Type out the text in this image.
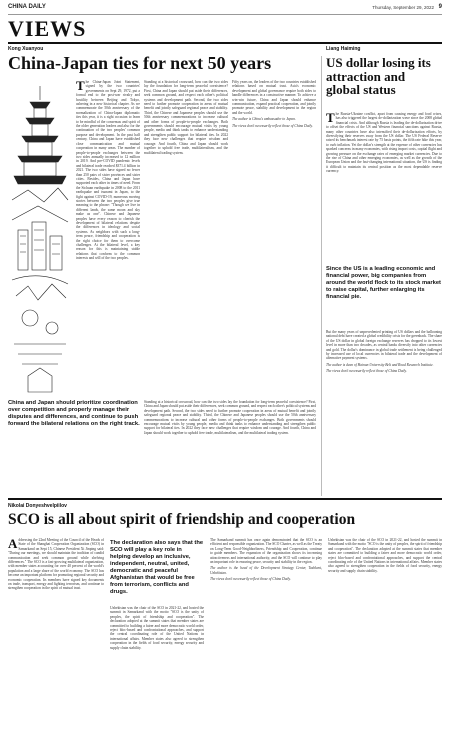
CHINA DAILY	Thursday, September 29, 2022 9
VIEWS
Kong Xuanyou
China-Japan ties for next 50 years
The China-Japan Joint Statement, signed by the two countries' governments on Sept 29, 1972, put a formal end to the post-war rivalry and hostility between Beijing and Tokyo, ushering in a new historical chapter. As we commemorate the 50th anniversary of the normalization of China-Japan diplomatic ties this year, it is a right occasion to learn to be mindful of the consensus and spirit of the older generation leaders and also for the continuation of the two peoples' common purpose and development. In the past half century, China and Japan have established close communication and mutual cooperation in many areas. The number of people-to-people exchanges between the two sides annually increased to 12 million in 2019. And pre-COVID pandemic levels and bilateral trade reached $371.4 billion in 2021. The two sides have signed no fewer than 250 pairs of sister provinces and sister cities. Besides, China and Japan have supported each other in times of need. From the Sichuan earthquake in 2008 to the 2011 earthquake and tsunami in Japan, to the fight against COVID-19, numerous moving stories between the two peoples give true meaning to the phrase: "Though we live in different lands, the same moon and sky make us one". Chinese and Japanese peoples have every reason to cherish the development of bilateral relations despite the differences in ideology and social systems. As neighbors with such a long-term peace, friendship and cooperation is the right choice for them to overcome challenges. At the bilateral level, a key reason for this is maintaining stable relations that conform to the common interests and will of the two peoples.
Standing at a historical crossroad, how can the two sides lay the foundation for long-term peaceful coexistence? First, China and Japan should put aside their differences, seek common ground, and respect each other's political systems and development path. Second, the two sides need to further promote cooperation in areas of mutual benefit and jointly safeguard regional peace and stability. Third, the Chinese and Japanese peoples should use the 50th anniversary commemorations to increase cultural and other forms of people-to-people exchanges. Both governments should encourage mutual visits by young people, media and think tanks to enhance understanding and strengthen public support for bilateral ties. In 2022 they face new challenges that require wisdom and courage. And fourth, China and Japan should work together to uphold free trade, multilateralism, and the multilateral trading system.
Fifty years on, the leaders of the two countries established relations based on mutual trust. Asia's economic development and global governance require both sides to handle differences in a constructive manner. To achieve a win-win future, China and Japan should enhance communication, expand practical cooperation, and jointly promote peace, stability and development in the region and the world.
The author is China's ambassador to Japan.
The views don't necessarily reflect those of China Daily.
China and Japan should prioritize coordination over competition and properly manage their disputes and differences, and continue to push forward the bilateral relations on the right track.
Standing at a historical crossroad, how can the two sides lay the foundation for long-term peaceful coexistence? First, China and Japan should put aside their differences, seek common ground, and respect each other's political systems and development path. Second, the two sides need to further promote cooperation in areas of mutual benefit and jointly safeguard regional peace and stability. Third, the Chinese and Japanese peoples should use the 50th anniversary commemorations to increase cultural and other forms of people-to-people exchanges. Both governments should encourage mutual visits by young people, media and think tanks to enhance understanding and strengthen public support for bilateral ties. In 2022 they face new challenges that require wisdom and courage. And fourth, China and Japan should work together to uphold free trade, multilateralism, and the multilateral trading system.
Liang Haiming
US dollar losing its attraction and global status
The Russia-Ukraine conflict, apart from causing energy and food crises, has also triggered the largest de-dollarization wave since the 2008 global financial crisis. And although Russia is leading the de-dollarization drive to offset the effects of the US and Western financial sanctions against Russia, many other countries have also intensified their de-dollarization efforts, by diversifying their reserves away from the US dollar. The US Federal Reserve raised its benchmark interest rate by 75 basis points, the fifth rate hike this year, to curb inflation. Yet the dollar's strength at the expense of other currencies has sparked concerns in many economies, with rising import costs, capital flight and growing pressure on the exchange rates of emerging market currencies. Due to the rise of China and other emerging economies, as well as the growth of the European Union and the fast-changing international situation, the US is finding it difficult to maintain its central position as the most dependable reserve currency.
Since the US is a leading economic and financial power, big companies from around the world flock to its stock market to raise capital, further enlarging its financial pie.
But the many years of unprecedented printing of US dollars and the ballooning national debt have created a global credibility crisis for the greenback. The share of the US dollar in global foreign exchange reserves has dropped to its lowest level in more than two decades, as central banks diversify into other currencies and gold. The dollar's dominance in global trade settlement is being challenged by increased use of local currencies in bilateral trade and the development of alternative payment systems.
The author is dean of Hainan University Belt and Road Research Institute.
The views don't necessarily reflect those of China Daily.
Nikolai Donyeshvelpiilov
SCO is all about spirit of friendship and cooperation
Addressing the 22nd Meeting of the Council of the Heads of State of the Shanghai Cooperation Organization (SCO) in Samarkand on Sept 15, Chinese President Xi Jinping said: "During our meetings, we should maintain the tradition of candid communication and seek common ground while shelving differences." The SCO is a fast-growing multilateral organization, with member states accounting for over 40 percent of the world's population and a large share of the world economy. The SCO has become an important platform for promoting regional security and economic cooperation. Its members have signed key documents on trade, transport, energy and fighting terrorism, and continue to strengthen cooperation in the spirit of mutual trust.
The declaration also says that the SCO will play a key role in helping develop an inclusive, independent, neutral, united, democratic and peaceful Afghanistan that would be free from terrorism, conflicts and drugs.
Uzbekistan was the chair of the SCO in 2021-22, and hosted the summit in Samarkand with the motto "SCO is the unity of peoples, the spirit of friendship and cooperation". The declaration adopted at the summit states that member states are committed to building a fairer and more democratic world order, reject bloc-based and confrontational approaches, and support the central coordinating role of the United Nations in international affairs. Member states also agreed to strengthen cooperation in the fields of food security, energy security and supply chain stability.
The Samarkand summit has once again demonstrated that the SCO is an efficient and responsible organization. The SCO Charter, as well as the Treaty on Long-Term Good-Neighborliness, Friendship and Cooperation, continue to guide members. The expansion of the organization shows its increasing attractiveness and international authority, and the SCO will continue to play an important role in ensuring peace, security and stability in the region.
The author is the head of the Development Strategy Center, Tashkent, Uzbekistan.
The views don't necessarily reflect those of China Daily.
Uzbekistan was the chair of the SCO in 2021-22, and hosted the summit in Samarkand with the motto "SCO is the unity of peoples, the spirit of friendship and cooperation". The declaration adopted at the summit states that member states are committed to building a fairer and more democratic world order, reject bloc-based and confrontational approaches, and support the central coordinating role of the United Nations in international affairs. Member states also agreed to strengthen cooperation in the fields of food security, energy security and supply chain stability.
